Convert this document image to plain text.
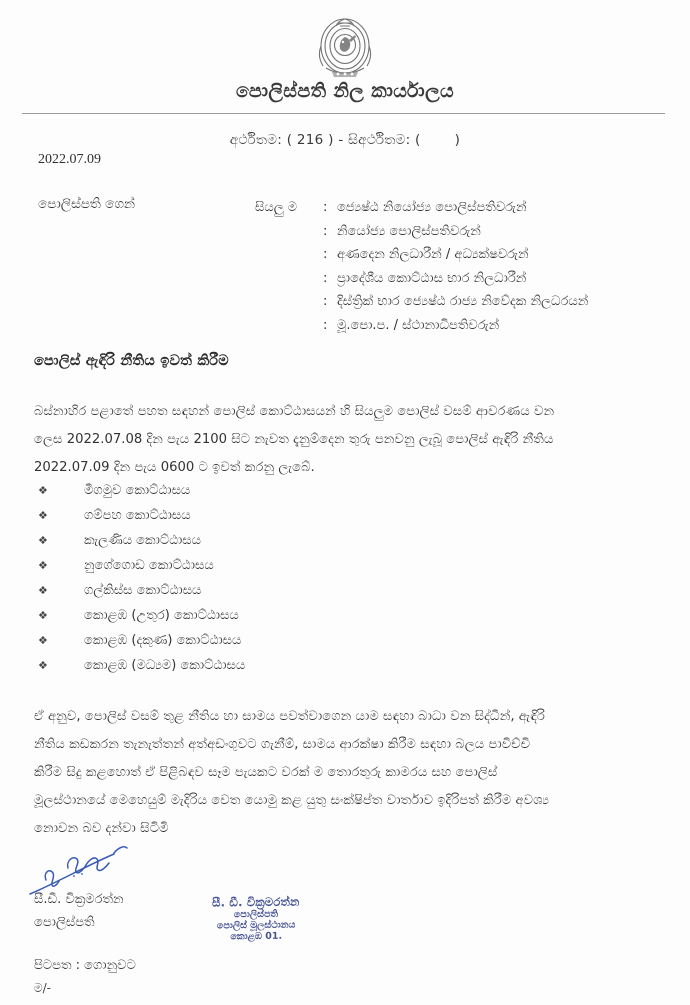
පොලිස්පති නිල කාර්යාලය
අර්ථිතම: ( 216 ) - සිඅර්ථිතම: (	)
2022.07.09
පොලිස්පති ගෙන්	සියලු ම	: ජ්‍යෙෂ්ඨ නියෝජ්‍ය පොලිස්පතිවරුන්
: නියෝජ්‍ය පොලිස්පතිවරුන්
: අණදෙන නිලධාරීන් / අධ්‍යක්ෂවරුන්
: ප්‍රාදේශීය කොට්ඨාස භාර නිලධාරීන්
: දිස්ත්‍රික් භාර ජ්‍යෙෂ්ඨ රාජ්‍ය නිවේදක නිලධරයන්
: මූ.පො.ප. / ස්ථානාධිපතිවරුන්
පොලිස් ඇඳිරි නීතිය ඉවත් කිරීම
බස්නාහිර පළාතේ පහත සඳහන් පොලිස් කොට්ඨාසයන් හි සියලුම පොලිස් වසම් ආවරණය වන
ලෙස 2022.07.08 දින පැය 2100 සිට නැවත දැනුම්දෙන තුරු පනවනු ලැබූ පොලිස් ඇඳිරි නීතිය
2022.07.09 දින පැය 0600 ට ඉවත් කරනු ලැබේ.
❖	මීගමුව කොට්ඨාසය
❖	ගම්පහ කොට්ඨාසය
❖	කැලණිය කොට්ඨාසය
❖	නුගේගොඩ කොට්ඨාසය
❖	ගල්කිස්ස කොට්ඨාසය
❖	කොළඹ (උතුර) කොට්ඨාසය
❖	කොළඹ (දකුණ) කොට්ඨාසය
❖	කොළඹ (මධ්‍යම) කොට්ඨාසය
ඒ අනුව, පොලිස් වසම් තුළ නීතිය හා සාමය පවත්වාගෙන යාම සඳහා බාධා වන සිද්ධීන්, ඇඳිරි
නීතිය කඩකරන තැනැත්තන් අත්අඩංගුවට ගැනීම්, සාමය ආරක්ෂා කිරීම සඳහා බලය පාවිච්චි
කිරීම සිදු කළහොත් ඒ පිළිබඳව සෑම පැයකට වරක් ම තොරතුරු කාමරය සහ පොලිස්
මූලස්ථානයේ මෙහෙයුම් මැදිරිය වෙත යොමු කළ යුතු සංක්ෂිප්ත වාර්තාව ඉදිරිපත් කිරීම අවශ්‍ය
නොවන බව දන්වා සිටිමි
සී.ඩී. වික්‍රමරත්න
පොලිස්පති
පිටපත : ගොනුවට
ම/-
සී. ඩී. වික්‍රමරත්න
පොලිස්පති
පොලිස් මූලස්ථානය
කොළඹ 01.
